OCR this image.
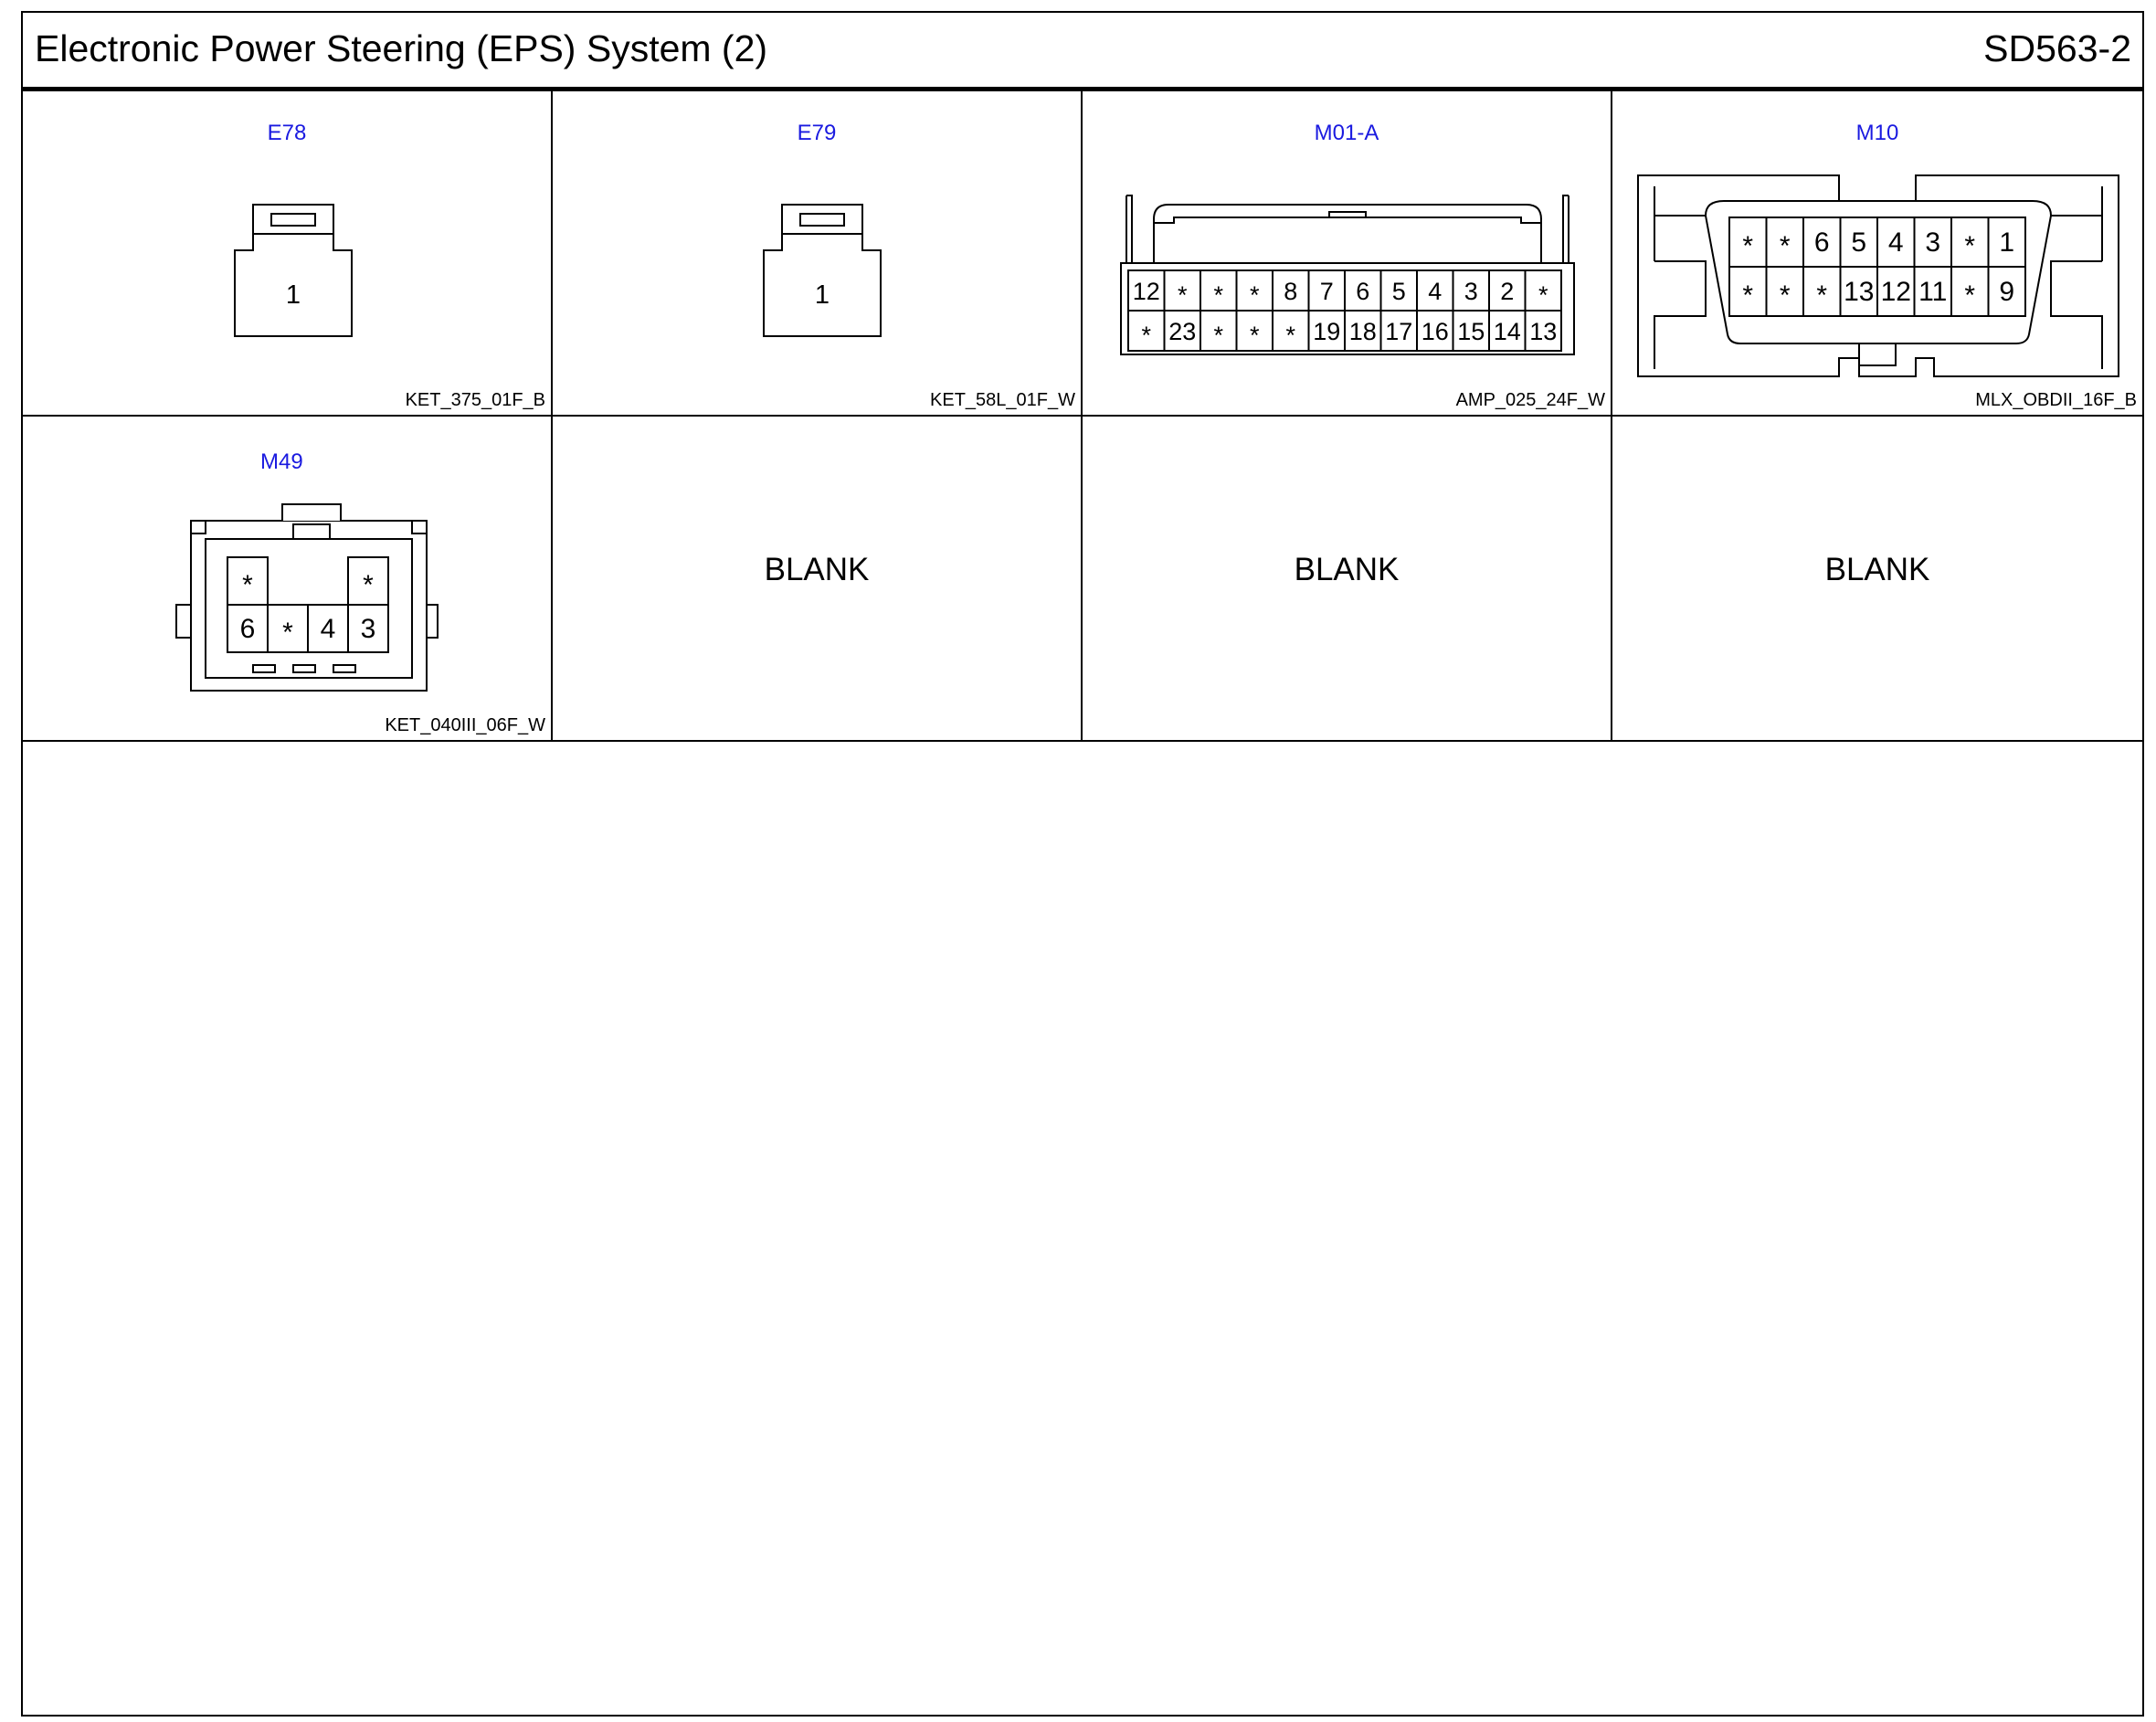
Electronic Power Steering (EPS) System (2)	SD563-2
E78
1
KET_375_01F_B
E79
1
KET_58L_01F_W
M01-A
12 * * * 8 7 6 5 4 3 2 *
* 23 * * * 19 18 17 16 15 14 13
AMP_025_24F_W
M10
* * 6 5 4 3 * 1
* * * 13 12 11 * 9
MLX_OBDII_16F_B
M49
*	*
6 * 4 3
KET_040III_06F_W
BLANK	BLANK	BLANK
